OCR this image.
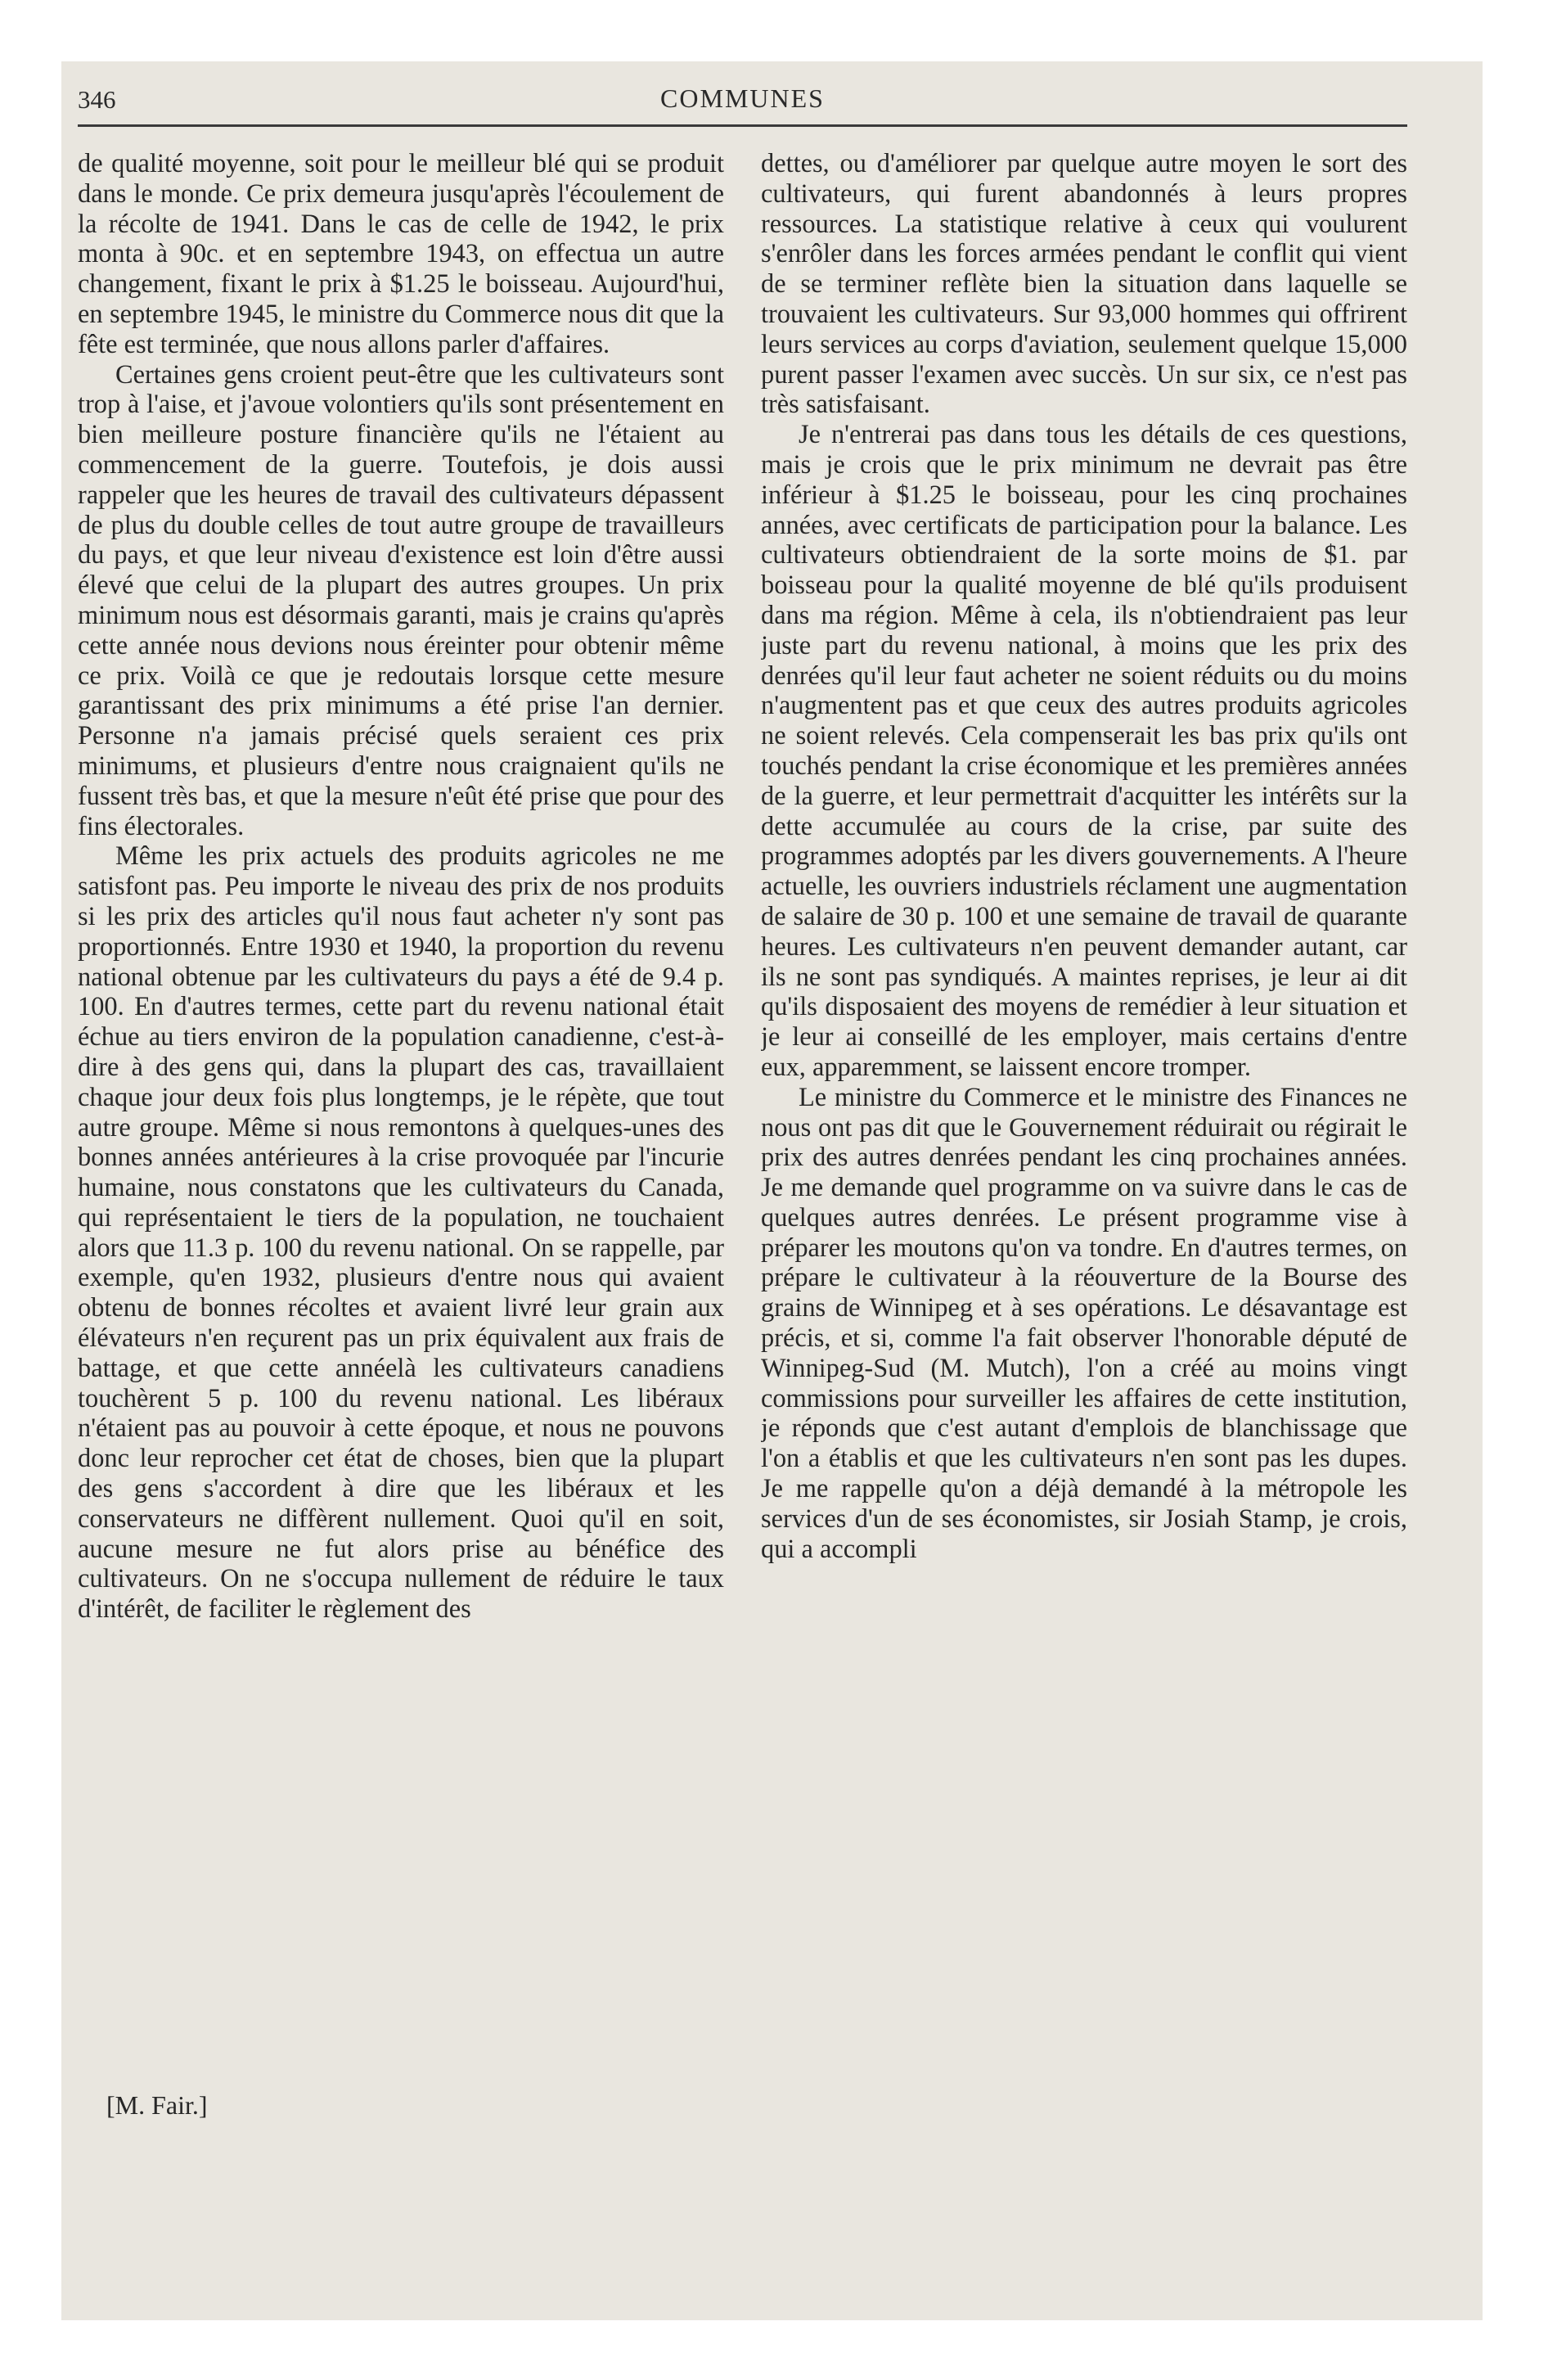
346	COMMUNES

de qualité moyenne, soit pour le meilleur blé qui se produit dans le monde. Ce prix demeura jusqu'après l'écoulement de la récolte de 1941. Dans le cas de celle de 1942, le prix monta à 90c. et en septembre 1943, on effectua un autre changement, fixant le prix à $1.25 le boisseau. Aujourd'hui, en septembre 1945, le ministre du Commerce nous dit que la fête est terminée, que nous allons parler d'affaires.

Certaines gens croient peut-être que les cultivateurs sont trop à l'aise, et j'avoue volontiers qu'ils sont présentement en bien meilleure posture financière qu'ils ne l'étaient au commencement de la guerre. Toutefois, je dois aussi rappeler que les heures de travail des cultivateurs dépassent de plus du double celles de tout autre groupe de travailleurs du pays, et que leur niveau d'existence est loin d'être aussi élevé que celui de la plupart des autres groupes. Un prix minimum nous est désormais garanti, mais je crains qu'après cette année nous devions nous éreinter pour obtenir même ce prix. Voilà ce que je redoutais lorsque cette mesure garantissant des prix minimums a été prise l'an dernier. Personne n'a jamais précisé quels seraient ces prix minimums, et plusieurs d'entre nous craignaient qu'ils ne fussent très bas, et que la mesure n'eût été prise que pour des fins électorales.

Même les prix actuels des produits agricoles ne me satisfont pas. Peu importe le niveau des prix de nos produits si les prix des articles qu'il nous faut acheter n'y sont pas proportionnés. Entre 1930 et 1940, la proportion du revenu national obtenue par les cultivateurs du pays a été de 9.4 p. 100. En d'autres termes, cette part du revenu national était échue au tiers environ de la population canadienne, c'est-à-dire à des gens qui, dans la plupart des cas, travaillaient chaque jour deux fois plus longtemps, je le répète, que tout autre groupe. Même si nous remontons à quelques-unes des bonnes années antérieures à la crise provoquée par l'incurie humaine, nous constatons que les cultivateurs du Canada, qui représentaient le tiers de la population, ne touchaient alors que 11.3 p. 100 du revenu national. On se rappelle, par exemple, qu'en 1932, plusieurs d'entre nous qui avaient obtenu de bonnes récoltes et avaient livré leur grain aux élévateurs n'en reçurent pas un prix équivalent aux frais de battage, et que cette annéelà les cultivateurs canadiens touchèrent 5 p. 100 du revenu national. Les libéraux n'étaient pas au pouvoir à cette époque, et nous ne pouvons donc leur reprocher cet état de choses, bien que la plupart des gens s'accordent à dire que les libéraux et les conservateurs ne diffèrent nullement. Quoi qu'il en soit, aucune mesure ne fut alors prise au bénéfice des cultivateurs. On ne s'occupa nullement de réduire le taux d'intérêt, de faciliter le règlement des

dettes, ou d'améliorer par quelque autre moyen le sort des cultivateurs, qui furent abandonnés à leurs propres ressources. La statistique relative à ceux qui voulurent s'enrôler dans les forces armées pendant le conflit qui vient de se terminer reflète bien la situation dans laquelle se trouvaient les cultivateurs. Sur 93,000 hommes qui offrirent leurs services au corps d'aviation, seulement quelque 15,000 purent passer l'examen avec succès. Un sur six, ce n'est pas très satisfaisant.

Je n'entrerai pas dans tous les détails de ces questions, mais je crois que le prix minimum ne devrait pas être inférieur à $1.25 le boisseau, pour les cinq prochaines années, avec certificats de participation pour la balance. Les cultivateurs obtiendraient de la sorte moins de $1. par boisseau pour la qualité moyenne de blé qu'ils produisent dans ma région. Même à cela, ils n'obtiendraient pas leur juste part du revenu national, à moins que les prix des denrées qu'il leur faut acheter ne soient réduits ou du moins n'augmentent pas et que ceux des autres produits agricoles ne soient relevés. Cela compenserait les bas prix qu'ils ont touchés pendant la crise économique et les premières années de la guerre, et leur permettrait d'acquitter les intérêts sur la dette accumulée au cours de la crise, par suite des programmes adoptés par les divers gouvernements. A l'heure actuelle, les ouvriers industriels réclament une augmentation de salaire de 30 p. 100 et une semaine de travail de quarante heures. Les cultivateurs n'en peuvent demander autant, car ils ne sont pas syndiqués. A maintes reprises, je leur ai dit qu'ils disposaient des moyens de remédier à leur situation et je leur ai conseillé de les employer, mais certains d'entre eux, apparemment, se laissent encore tromper.

Le ministre du Commerce et le ministre des Finances ne nous ont pas dit que le Gouvernement réduirait ou régirait le prix des autres denrées pendant les cinq prochaines années. Je me demande quel programme on va suivre dans le cas de quelques autres denrées. Le présent programme vise à préparer les moutons qu'on va tondre. En d'autres termes, on prépare le cultivateur à la réouverture de la Bourse des grains de Winnipeg et à ses opérations. Le désavantage est précis, et si, comme l'a fait observer l'honorable député de Winnipeg-Sud (M. Mutch), l'on a créé au moins vingt commissions pour surveiller les affaires de cette institution, je réponds que c'est autant d'emplois de blanchissage que l'on a établis et que les cultivateurs n'en sont pas les dupes. Je me rappelle qu'on a déjà demandé à la métropole les services d'un de ses économistes, sir Josiah Stamp, je crois, qui a accompli

[M. Fair.]
